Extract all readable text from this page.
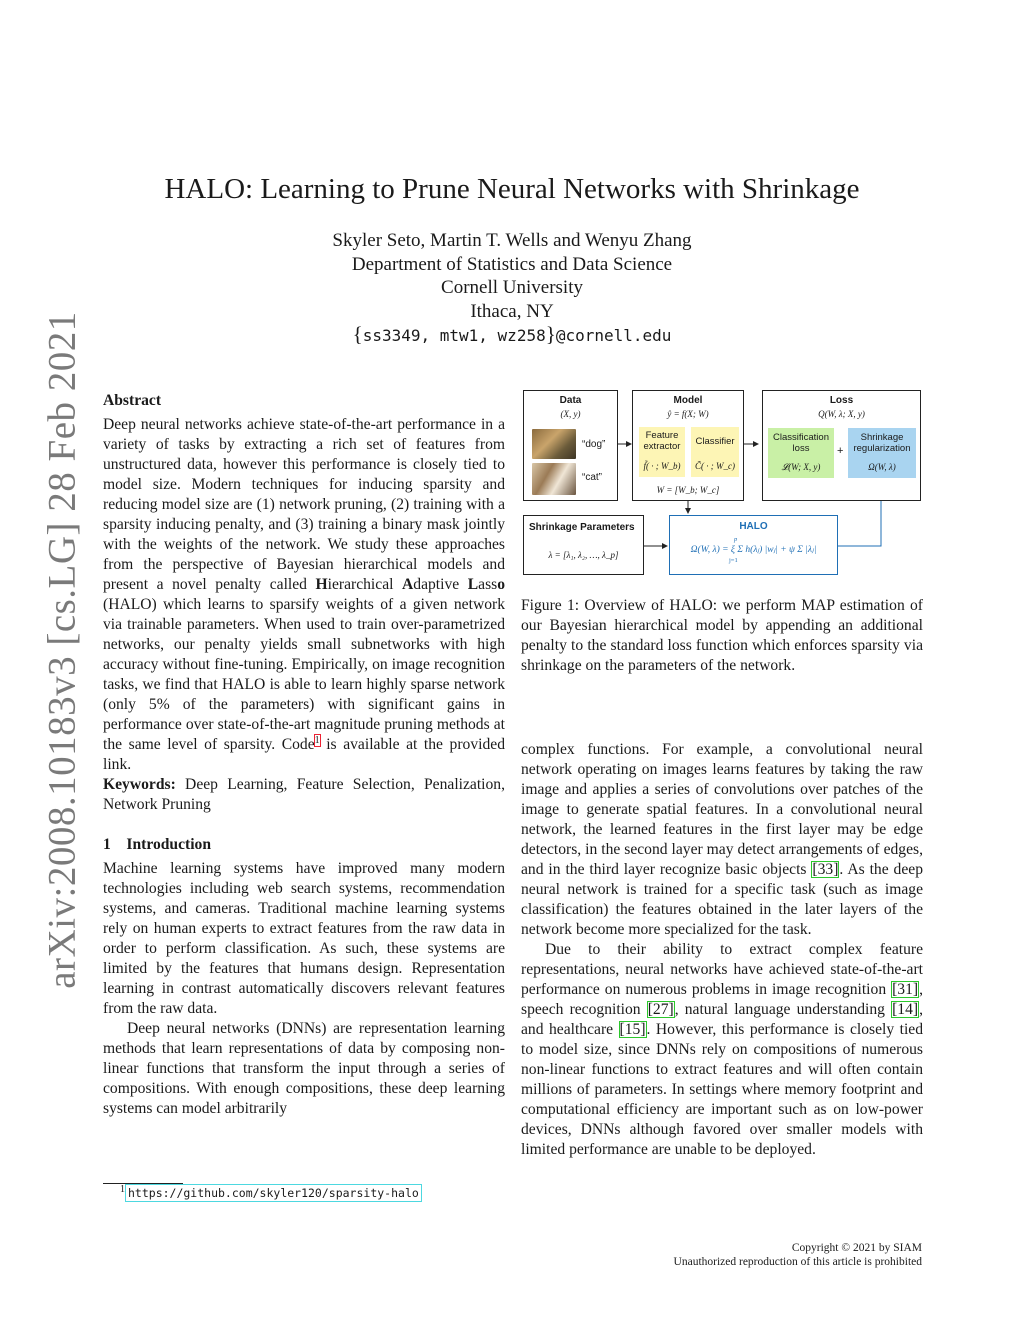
arXiv:2008.10183v3 [cs.LG] 28 Feb 2021
HALO: Learning to Prune Neural Networks with Shrinkage
Skyler Seto, Martin T. Wells and Wenyu Zhang
Department of Statistics and Data Science
Cornell University
Ithaca, NY
{ss3349, mtw1, wz258}@cornell.edu

Abstract

Deep neural networks achieve state-of-the-art performance in a variety of tasks by extracting a rich set of features from unstructured data, however this performance is closely tied to model size. Modern techniques for inducing sparsity and reducing model size are (1) network pruning, (2) training with a sparsity inducing penalty, and (3) training a binary mask jointly with the weights of the network. We study these approaches from the perspective of Bayesian hierarchical models and present a novel penalty called Hierarchical Adaptive Lasso (HALO) which learns to sparsify weights of a given network via trainable parameters. When used to train over-parametrized networks, our penalty yields small subnetworks with high accuracy without fine-tuning. Empirically, on image recognition tasks, we find that HALO is able to learn highly sparse network (only 5% of the parameters) with significant gains in performance over state-of-the-art magnitude pruning methods at the same level of sparsity. Code$^1$ is available at the provided link.

Keywords: Deep Learning, Feature Selection, Penalization, Network Pruning

1    Introduction

Machine learning systems have improved many modern technologies including web search systems, recommendation systems, and cameras. Traditional machine learning systems rely on human experts to extract features from the raw data in order to perform classification. As such, these systems are limited by the features that humans design. Representation learning in contrast automatically discovers relevant features from the raw data.

Deep neural networks (DNNs) are representation learning methods that learn representations of data by composing non-linear functions that transform the input through a series of compositions. With enough compositions, these deep learning systems can model arbitrarily

$^1$ https://github.com/skyler120/sparsity-halo
Data
(X, y)
“dog”
“cat”
Model
ŷ = f(X; W)
Feature extractor
f̃( · ; W_b)
Classifier
C̃( · ; W_c)
W = [W_b; W_c]
Loss
Q(W, λ; X, y)
Classification loss
𝓛(W; X, y)
+
Shrinkage regularization
Ω(W, λ)
Shrinkage Parameters
λ = [λ₁, λ₂, …, λ_p]
HALO
Ω(W, λ) = ξ Σ h(λⱼ) |wⱼ| + ψ Σ |λⱼ|
p
j=1
Figure 1: Overview of HALO: we perform MAP estimation of our Bayesian hierarchical model by appending an additional penalty to the standard loss function which enforces sparsity via shrinkage on the parameters of the network.

complex functions. For example, a convolutional neural network operating on images learns features by taking the raw image and applies a series of convolutions over patches of the image to generate spatial features. In a convolutional neural network, the learned features in the first layer may be edge detectors, in the second layer may detect arrangements of edges, and in the third layer recognize basic objects [33]. As the deep neural network is trained for a specific task (such as image classification) the features obtained in the later layers of the network become more specialized for the task.

Due to their ability to extract complex feature representations, neural networks have achieved state-of-the-art performance on numerous problems in image recognition [31], speech recognition [27], natural language understanding [14], and healthcare [15]. However, this performance is closely tied to model size, since DNNs rely on compositions of numerous non-linear functions to extract features and will often contain millions of parameters. In settings where memory footprint and computational efficiency are important such as on low-power devices, DNNs although favored over smaller models with limited performance are unable to be deployed.

Copyright © 2021 by SIAM
Unauthorized reproduction of this article is prohibited
